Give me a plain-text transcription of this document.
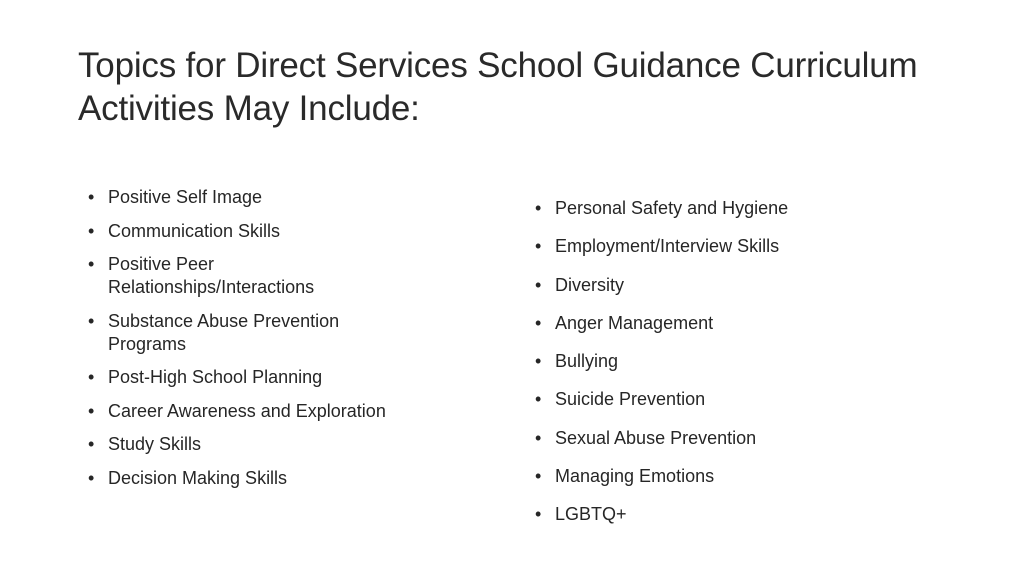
Topics for Direct Services School Guidance Curriculum
Activities May Include:
• Positive Self Image
• Communication Skills
• Positive Peer Relationships/Interactions
• Substance Abuse Prevention Programs
• Post-High School Planning
• Career Awareness and Exploration
• Study Skills
• Decision Making Skills
• Personal Safety and Hygiene
• Employment/Interview Skills
• Diversity
• Anger Management
• Bullying
• Suicide Prevention
• Sexual Abuse Prevention
• Managing Emotions
• LGBTQ+
